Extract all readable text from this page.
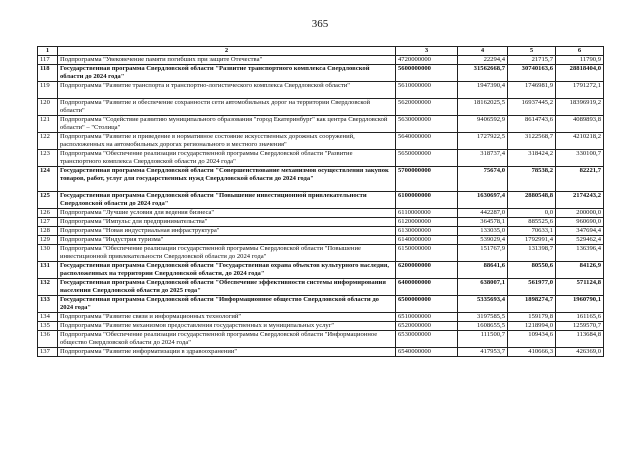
365
1	2	3	4	5	6
117	Подпрограмма "Увековечение памяти погибших при защите Отечества"	4720000000	22294,4	21715,7	11790,9
118	Государственная программа Свердловской области "Развитие транспортного комплекса Свердловской области до 2024 года"	5600000000	31562668,7	30740163,6	28818404,0
119	Подпрограмма "Развитие транспорта и транспортно-логистического комплекса Свердловской области"	5610000000	1947390,4	1746981,9	1791272,1
120	Подпрограмма "Развитие и обеспечение сохранности сети автомобильных дорог на территории Свердловской области"	5620000000	18162025,5	16937445,2	18396919,2
121	Подпрограмма "Содействие развитию муниципального образования "город Екатеринбург" как центра Свердловской области" – "Столица"	5630000000	9406592,9	8614743,6	4089893,8
122	Подпрограмма "Развитие и приведение в нормативное состояние искусственных дорожных сооружений, расположенных на автомобильных дорогах регионального и местного значения"	5640000000	1727922,5	3122568,7	4210218,2
123	Подпрограмма "Обеспечение реализации государственной программы Свердловской области "Развитие транспортного комплекса Свердловской области до 2024 года"	5650000000	318737,4	318424,2	330100,7
124	Государственная программа Свердловской области "Совершенствование механизмов осуществления закупок товаров, работ, услуг для государственных нужд Свердловской области до 2024 года"	5700000000	75674,0	78538,2	82221,7
125	Государственная программа Свердловской области "Повышение инвестиционной привлекательности Свердловской области до 2024 года"	6100000000	1630697,4	2880548,8	2174243,2
126	Подпрограмма "Лучшие условия для ведения бизнеса"	6110000000	442287,0	0,0	200000,0
127	Подпрограмма "Импульс для предпринимательства"	6120000000	364578,1	885525,6	960690,0
128	Подпрограмма "Новая индустриальная инфраструктура"	6130000000	133035,0	70633,1	347694,4
129	Подпрограмма "Индустрия туризма"	6140000000	539029,4	1792991,4	529462,4
130	Подпрограмма "Обеспечение реализации государственной программы Свердловской области "Повышение инвестиционной привлекательности Свердловской области до 2024 года"	6150000000	151767,9	131398,7	136396,4
131	Государственная программа Свердловской области "Государственная охрана объектов культурного наследия, расположенных на территории Свердловской области, до 2024 года"	6200000000	88641,6	80550,6	84126,9
132	Государственная программа Свердловской области "Обеспечение эффективности системы информирования населения Свердловской области до 2025 года"	6400000000	638007,1	561977,0	571124,8
133	Государственная программа Свердловской области "Информационное общество Свердловской области до 2024 года"	6500000000	5335693,4	1898274,7	1960790,1
134	Подпрограмма "Развитие связи и информационных технологий"	6510000000	3197585,5	159179,8	161165,6
135	Подпрограмма "Развитие механизмов предоставления государственных и муниципальных услуг"	6520000000	1608655,5	1218994,0	1259570,7
136	Подпрограмма "Обеспечение реализации государственной программы Свердловской области "Информационное общество Свердловской области до 2024 года"	6530000000	111500,7	109434,6	113684,8
137	Подпрограмма "Развитие информатизации в здравоохранении"	6540000000	417953,7	410666,3	426369,0
